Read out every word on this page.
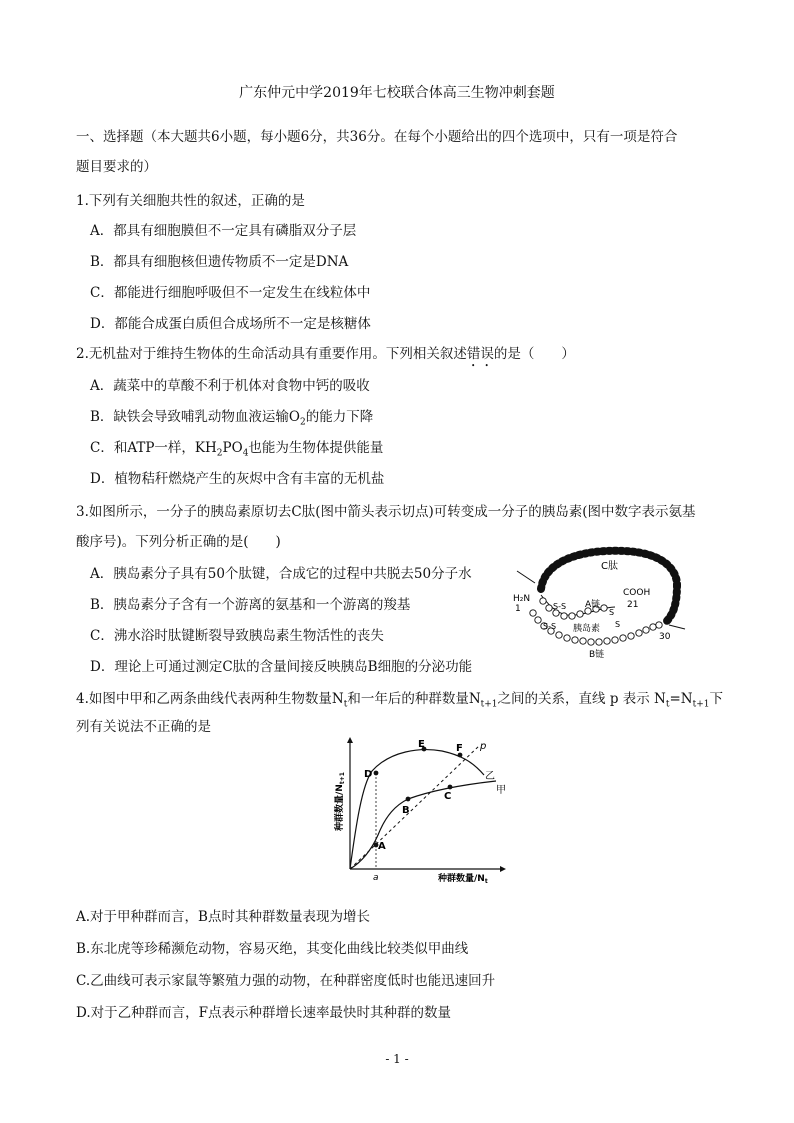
广东仲元中学2019年七校联合体高三生物冲刺套题
一、选择题（本大题共6小题，每小题6分，共36分。在每个小题给出的四个选项中，只有一项是符合
题目要求的）
1.下列有关细胞共性的叙述，正确的是
A．都具有细胞膜但不一定具有磷脂双分子层
B．都具有细胞核但遗传物质不一定是DNA
C．都能进行细胞呼吸但不一定发生在线粒体中
D．都能合成蛋白质但合成场所不一定是核糖体
2.无机盐对于维持生物体的生命活动具有重要作用。下列相关叙述错误的是（　　）
A．蔬菜中的草酸不利于机体对食物中钙的吸收
B．缺铁会导致哺乳动物血液运输$O_2$的能力下降
C．和ATP一样，$KH_2PO_4$也能为生物体提供能量
D．植物秸秆燃烧产生的灰烬中含有丰富的无机盐
3.如图所示，一分子的胰岛素原切去C肽(图中箭头表示切点)可转变成一分子的胰岛素(图中数字表示氨基
酸序号)。下列分析正确的是(　　)
A．胰岛素分子具有50个肽键，合成它的过程中共脱去50分子水
B．胰岛素分子含有一个游离的氨基和一个游离的羧基
C．沸水浴时肽键断裂导致胰岛素生物活性的丧失
D．理论上可通过测定C肽的含量间接反映胰岛B细胞的分泌功能
C肽
H₂N
1
COOH
21
A链
S-S
S-S
S
S
胰岛素
30
B链
4.如图中甲和乙两条曲线代表两种生物数量$N_t$和一年后的种群数量$N_{t+1}$之间的关系，直线 p 表示 $N_t=N_{t+1}$下
列有关说法不正确的是
A
B
C
D
E	F p
乙
甲
a	种群数量$/N_t$
种群数量$/N_{t+1}$
A.对于甲种群而言，B点时其种群数量表现为增长
B.东北虎等珍稀濒危动物，容易灭绝，其变化曲线比较类似甲曲线
C.乙曲线可表示家鼠等繁殖力强的动物，在种群密度低时也能迅速回升
D.对于乙种群而言，F点表示种群增长速率最快时其种群的数量
- 1 -
